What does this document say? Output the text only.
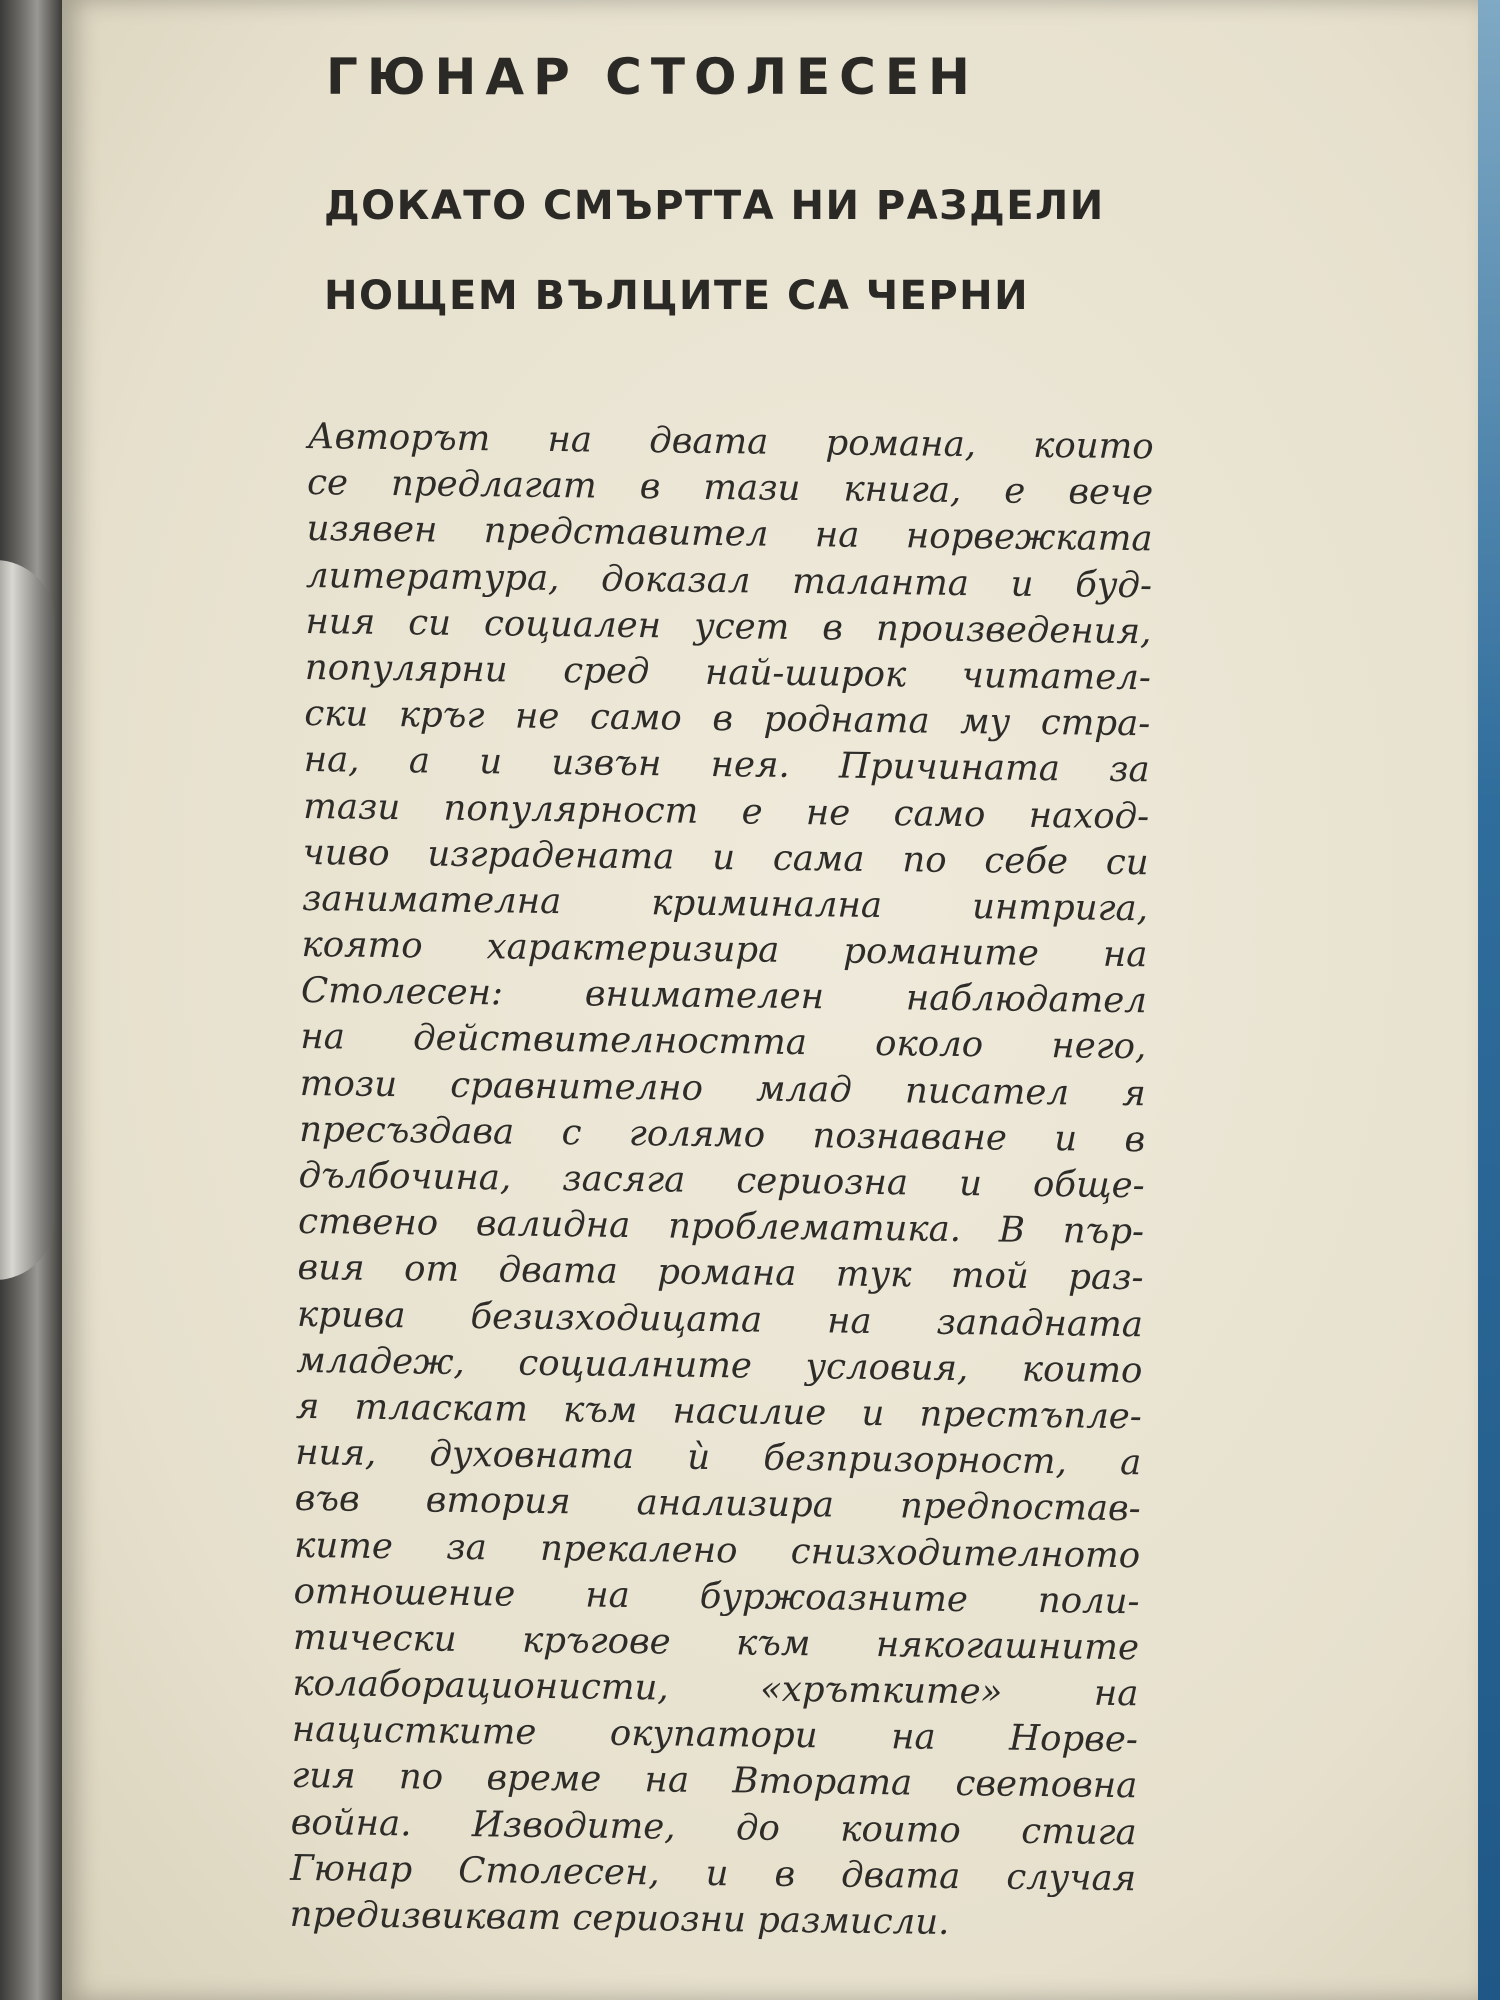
ГЮНАР СТОЛЕСЕН
ДОКАТО СМЪРТТА НИ РАЗДЕЛИ
НОЩЕМ ВЪЛЦИТЕ СА ЧЕРНИ
Авторът на двата романа, които
се предлагат в тази книга, е вече
изявен представител на норвежката
литература, доказал таланта и буд-
ния си социален усет в произведения,
популярни сред най-широк читател-
ски кръг не само в родната му стра-
на, а и извън нея. Причината за
тази популярност е не само наход-
чиво изградената и сама по себе си
занимателна криминална интрига,
която характеризира романите на
Столесен: внимателен наблюдател
на действителността около него,
този сравнително млад писател я
пресъздава с голямо познаване и в
дълбочина, засяга сериозна и обще-
ствено валидна проблематика. В пър-
вия от двата романа тук той раз-
крива безизходицата на западната
младеж, социалните условия, които
я тласкат към насилие и престъпле-
ния, духовната ѝ безпризорност, а
във втория анализира предпостав-
ките за прекалено снизходителното
отношение на буржоазните поли-
тически кръгове към някогашните
колаборационисти, «хрътките» на
нацистките окупатори на Норве-
гия по време на Втората световна
война. Изводите, до които стига
Гюнар Столесен, и в двата случая
предизвикват сериозни размисли.
